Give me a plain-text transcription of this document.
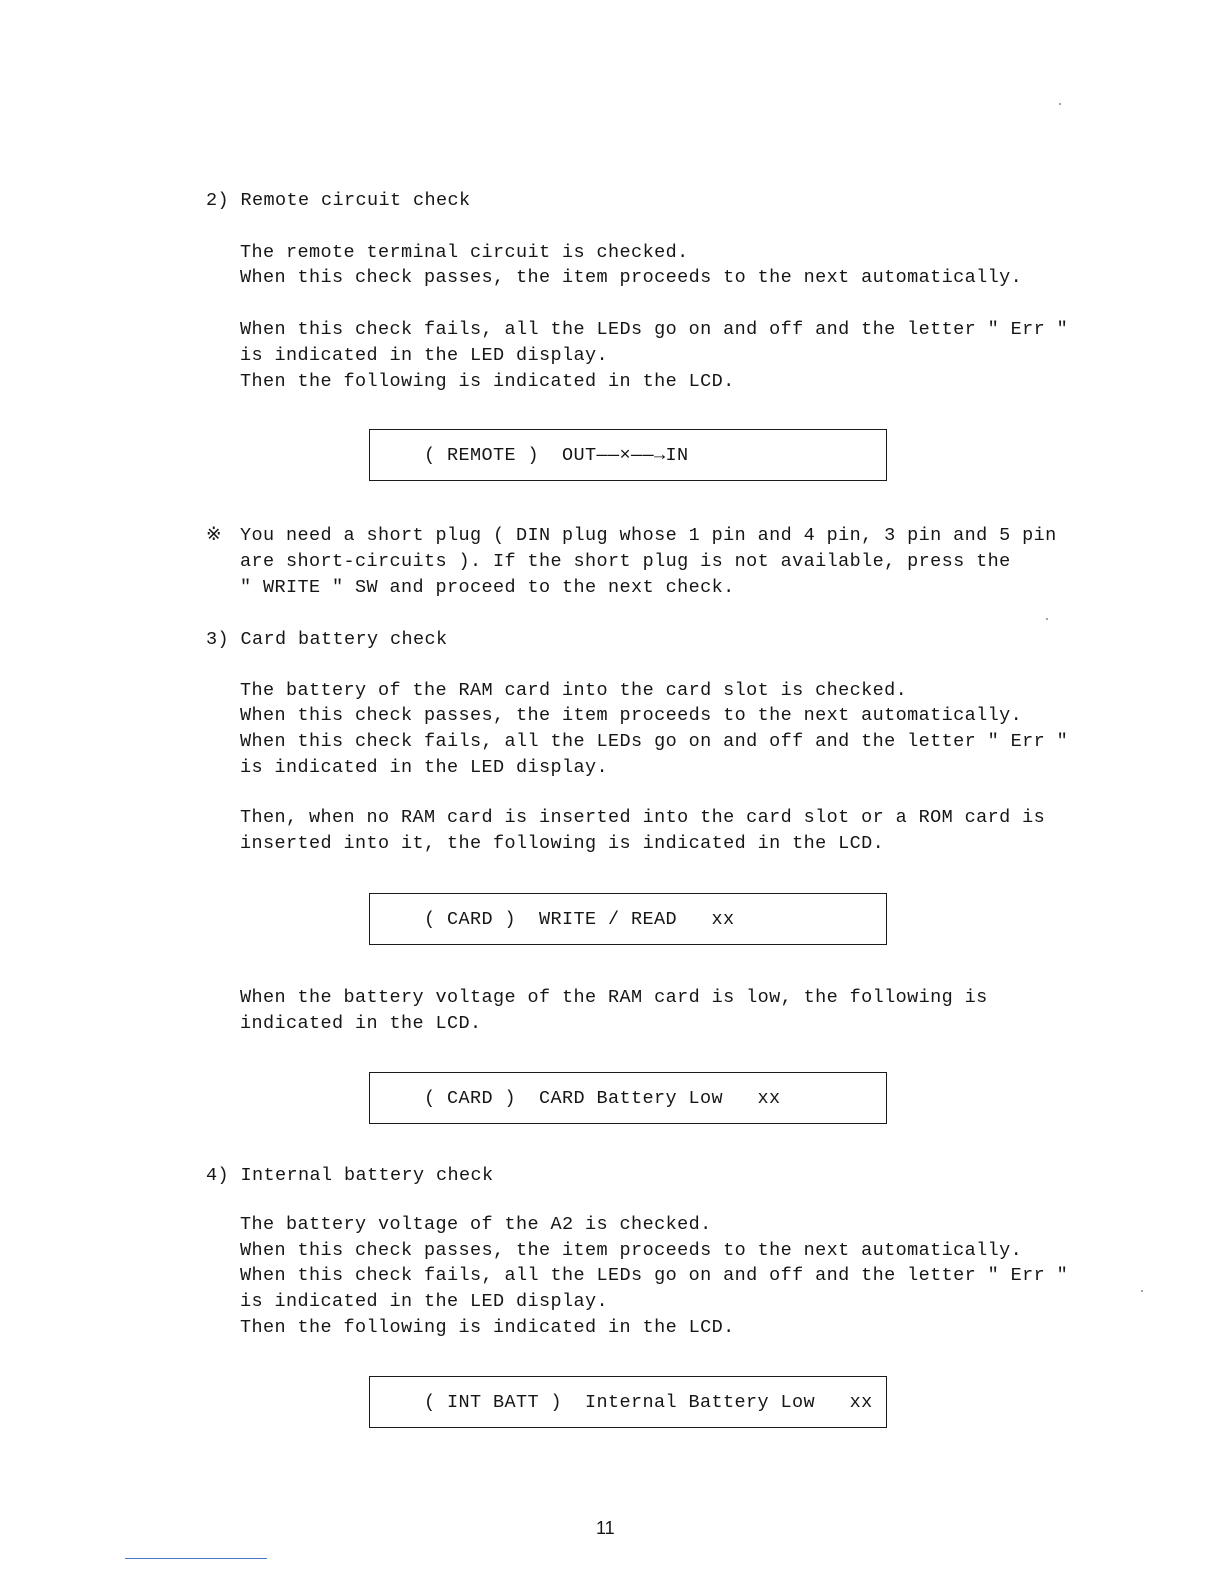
2) Remote circuit check
The remote terminal circuit is checked.
When this check passes, the item proceeds to the next automatically.
When this check fails, all the LEDs go on and off and the letter " Err "
is indicated in the LED display.
Then the following is indicated in the LCD.
( REMOTE )  OUT——×——→IN
※ You need a short plug ( DIN plug whose 1 pin and 4 pin, 3 pin and 5 pin
are short-circuits ). If the short plug is not available, press the
" WRITE " SW and proceed to the next check.
3) Card battery check
The battery of the RAM card into the card slot is checked.
When this check passes, the item proceeds to the next automatically.
When this check fails, all the LEDs go on and off and the letter " Err "
is indicated in the LED display.
Then, when no RAM card is inserted into the card slot or a ROM card is
inserted into it, the following is indicated in the LCD.
( CARD )  WRITE / READ   xx
When the battery voltage of the RAM card is low, the following is
indicated in the LCD.
( CARD )  CARD Battery Low   xx
4) Internal battery check
The battery voltage of the A2 is checked.
When this check passes, the item proceeds to the next automatically.
When this check fails, all the LEDs go on and off and the letter " Err "
is indicated in the LED display.
Then the following is indicated in the LCD.
( INT BATT )  Internal Battery Low   xx
11
